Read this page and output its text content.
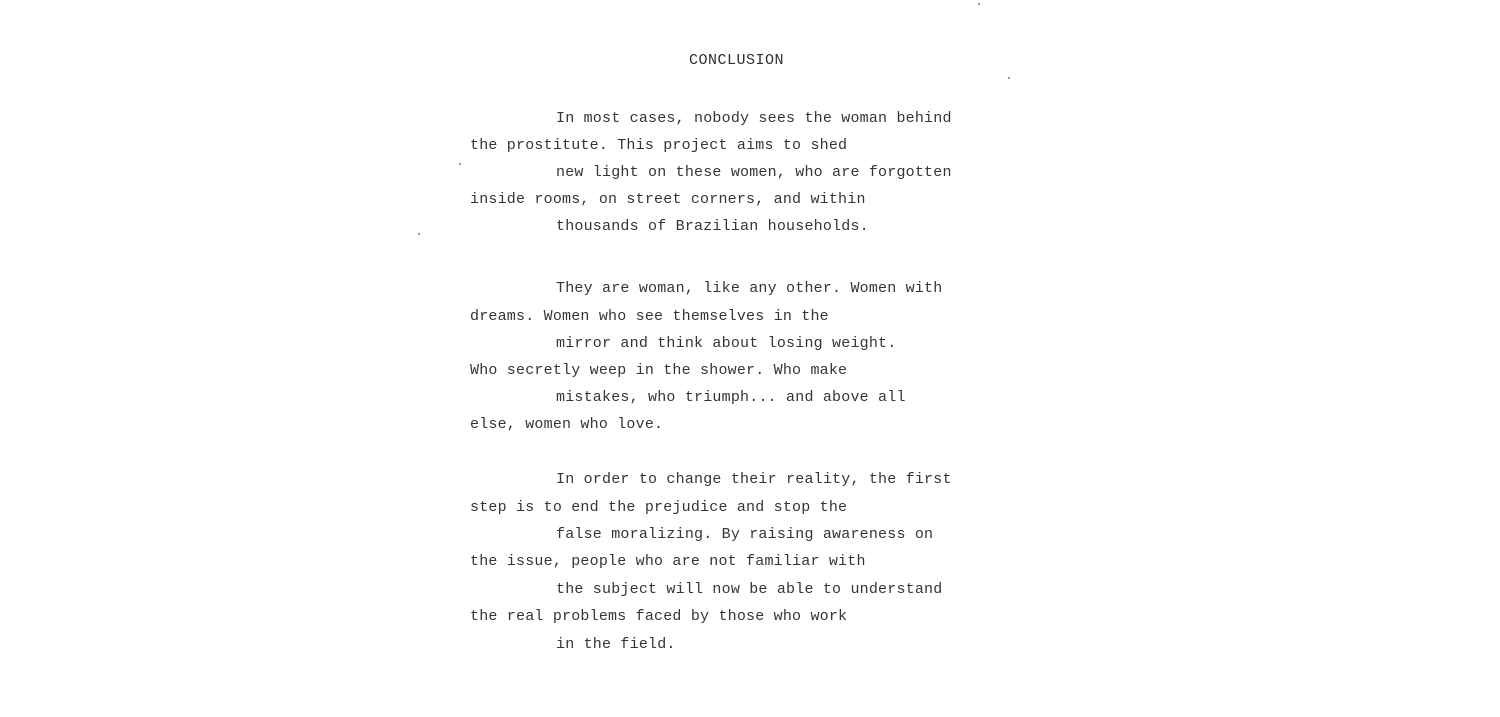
CONCLUSION
In most cases, nobody sees the woman behind
the prostitute. This project aims to shed
new light on these women, who are forgotten
inside rooms, on street corners, and within
thousands of Brazilian households.
They are woman, like any other. Women with
dreams. Women who see themselves in the
mirror and think about losing weight.
Who secretly weep in the shower. Who make
mistakes, who triumph... and above all
else, women who love.
In order to change their reality, the first
step is to end the prejudice and stop the
false moralizing. By raising awareness on
the issue, people who are not familiar with
the subject will now be able to understand
the real problems faced by those who work
in the field.
